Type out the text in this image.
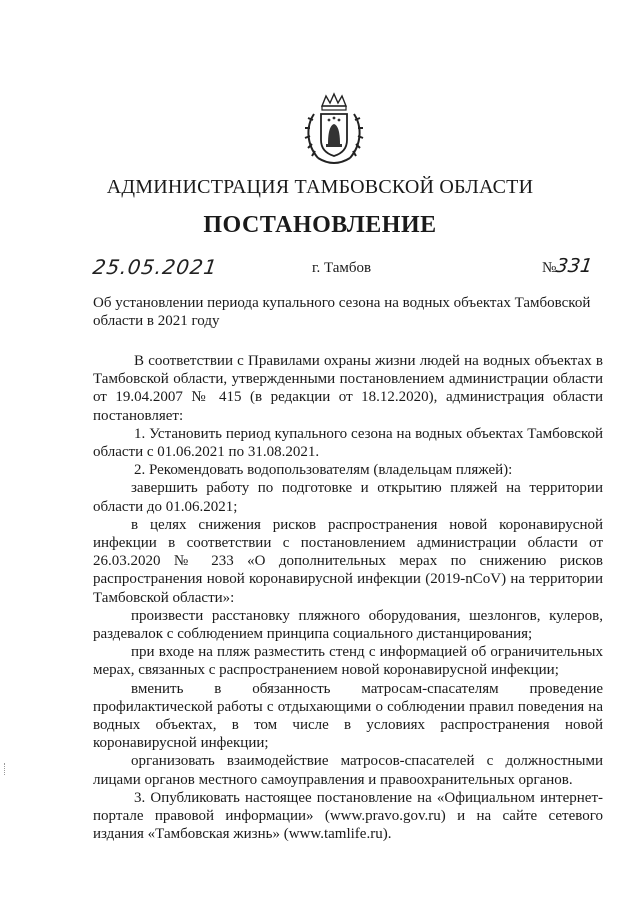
АДМИНИСТРАЦИЯ ТАМБОВСКОЙ ОБЛАСТИ
ПОСТАНОВЛЕНИЕ
25.05.2021	г. Тамбов	№331
Об установлении периода купального сезона на водных объектах Тамбовской области в 2021 году

В соответствии с Правилами охраны жизни людей на водных объектах в Тамбовской области, утвержденными постановлением администрации области от 19.04.2007 № 415 (в редакции от 18.12.2020), администрация области постановляет:

1. Установить период купального сезона на водных объектах Тамбовской области с 01.06.2021 по 31.08.2021.

2. Рекомендовать водопользователям (владельцам пляжей):

завершить работу по подготовке и открытию пляжей на территории области до 01.06.2021;

в целях снижения рисков распространения новой коронавирусной инфекции в соответствии с постановлением администрации области от 26.03.2020 № 233 «О дополнительных мерах по снижению рисков распространения новой коронавирусной инфекции (2019-nCoV) на территории Тамбовской области»:

произвести расстановку пляжного оборудования, шезлонгов, кулеров, раздевалок с соблюдением принципа социального дистанцирования;

при входе на пляж разместить стенд с информацией об ограничительных мерах, связанных с распространением новой коронавирусной инфекции;

вменить в обязанность матросам-спасателям проведение профилактической работы с отдыхающими о соблюдении правил поведения на водных объектах, в том числе в условиях распространения новой коронавирусной инфекции;

организовать взаимодействие матросов-спасателей с должностными лицами органов местного самоуправления и правоохранительных органов.

3. Опубликовать настоящее постановление на «Официальном интернет-портале правовой информации» (www.pravo.gov.ru) и на сайте сетевого издания «Тамбовская жизнь» (www.tamlife.ru).
